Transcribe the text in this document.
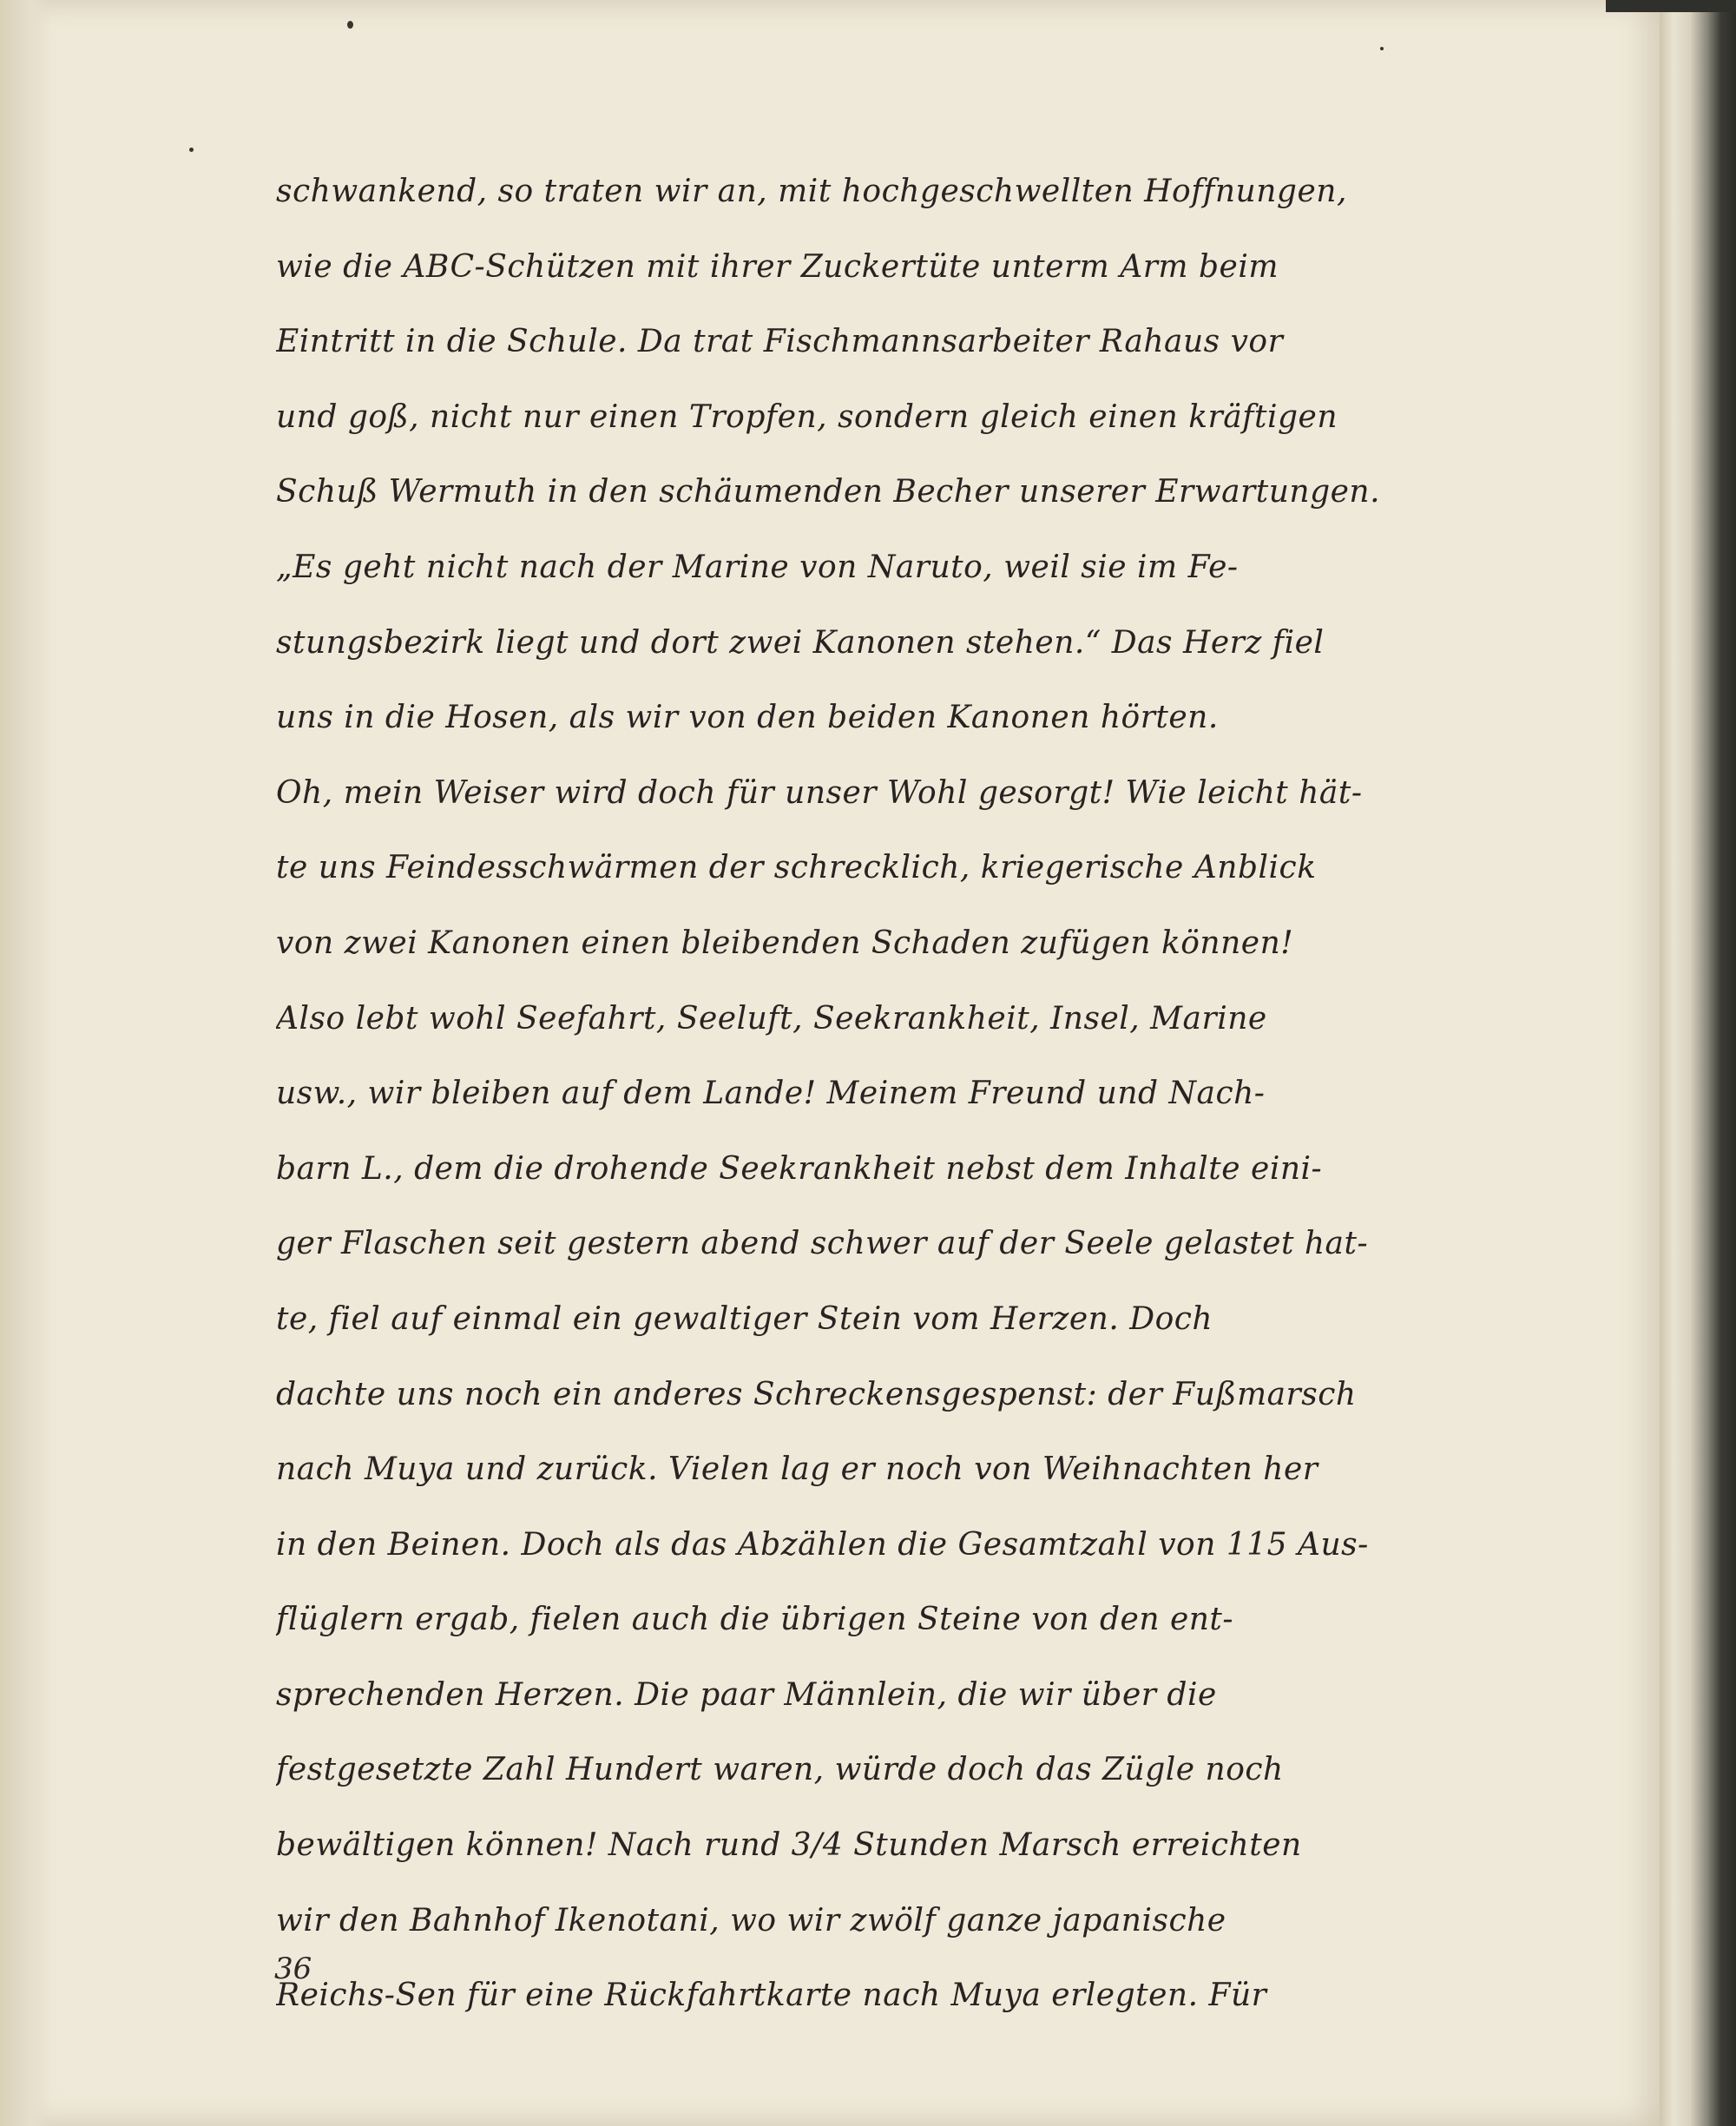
schwankend, so traten wir an, mit hochgeschwellten Hoffnungen,
wie die ABC-Schützen mit ihrer Zuckertüte unterm Arm beim
Eintritt in die Schule. Da trat Fischmannsarbeiter Rahaus vor
und goß, nicht nur einen Tropfen, sondern gleich einen kräftigen
Schuß Wermuth in den schäumenden Becher unserer Erwartungen.
„Es geht nicht nach der Marine von Naruto, weil sie im Fe-
stungsbezirk liegt und dort zwei Kanonen stehen.“ Das Herz fiel
uns in die Hosen, als wir von den beiden Kanonen hörten.
Oh, mein Weiser wird doch für unser Wohl gesorgt! Wie leicht hät-
te uns Feindesschwärmen der schrecklich, kriegerische Anblick
von zwei Kanonen einen bleibenden Schaden zufügen können!
Also lebt wohl Seefahrt, Seeluft, Seekrankheit, Insel, Marine
usw., wir bleiben auf dem Lande! Meinem Freund und Nach-
barn L., dem die drohende Seekrankheit nebst dem Inhalte eini-
ger Flaschen seit gestern abend schwer auf der Seele gelastet hat-
te, fiel auf einmal ein gewaltiger Stein vom Herzen. Doch
dachte uns noch ein anderes Schreckensgespenst: der Fußmarsch
nach Muya und zurück. Vielen lag er noch von Weihnachten her
in den Beinen. Doch als das Abzählen die Gesamtzahl von 115 Aus-
flüglern ergab, fielen auch die übrigen Steine von den ent-
sprechenden Herzen. Die paar Männlein, die wir über die
festgesetzte Zahl Hundert waren, würde doch das Zügle noch
bewältigen können! Nach rund 3/4 Stunden Marsch erreichten
wir den Bahnhof Ikenotani, wo wir zwölf ganze japanische
Reichs-Sen für eine Rückfahrtkarte nach Muya erlegten. Für
36
